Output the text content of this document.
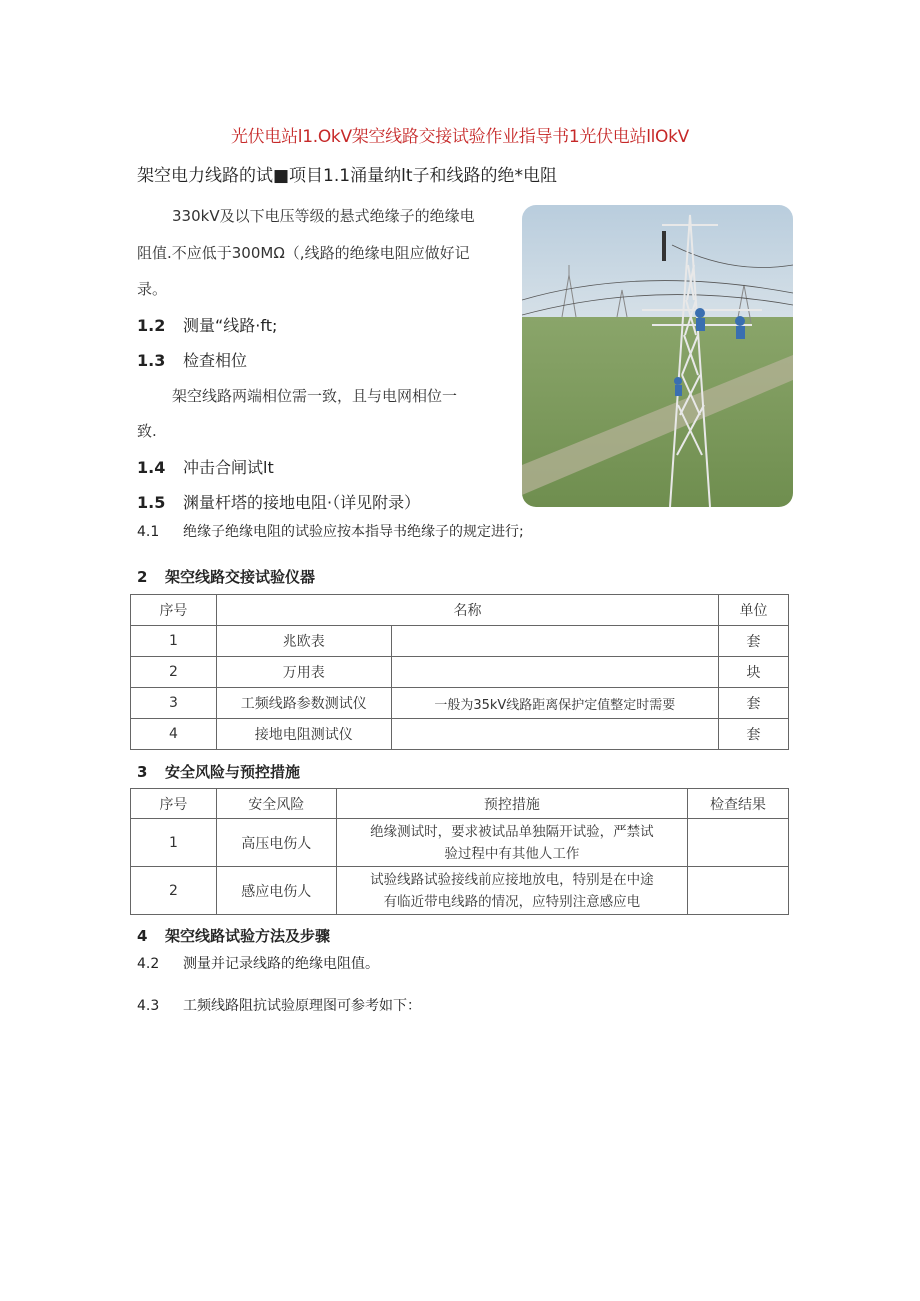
光伏电站l1.OkV架空线路交接试验作业指导书1光伏电站llOkV
架空电力线路的试■项目1.1涌量纳lt子和线路的绝*电阻
330kV及以下电压等级的悬式绝缘子的绝缘电
阻值.不应低于300MΩ（,线路的绝缘电阻应做好记
录。
1.2 测量“线路·ft;
1.3 检查相位
架空线路两端相位需一致，且与电网相位一
致.
1.4 冲击合闸试lt
1.5 渊量杆塔的接地电阻·（详见附录）
4.1 绝缘子绝缘电阻的试验应按本指导书绝缘子的规定进行;
2 架空线路交接试验仪器
序号	名称		单位
1	兆欧表		套
2	万用表		块
3	工频线路参数测试仪	一般为35kV线路距离保护定值整定时需要	套
4	接地电阻测试仪		套
3 安全风险与预控措施
序号	安全风险	预控措施	检查结果
1	高压电伤人	绝缘测试时，要求被试品单独隔开试验，严禁试
验过程中有其他人工作	

2	感应电伤人	试验线路试验接线前应接地放电，特别是在中途
有临近带电线路的情况，应特别注意感应电	

4 架空线路试验方法及步骤
4.2 测量并记录线路的绝缘电阻值。
4.3 工频线路阻抗试验原理图可参考如下：
